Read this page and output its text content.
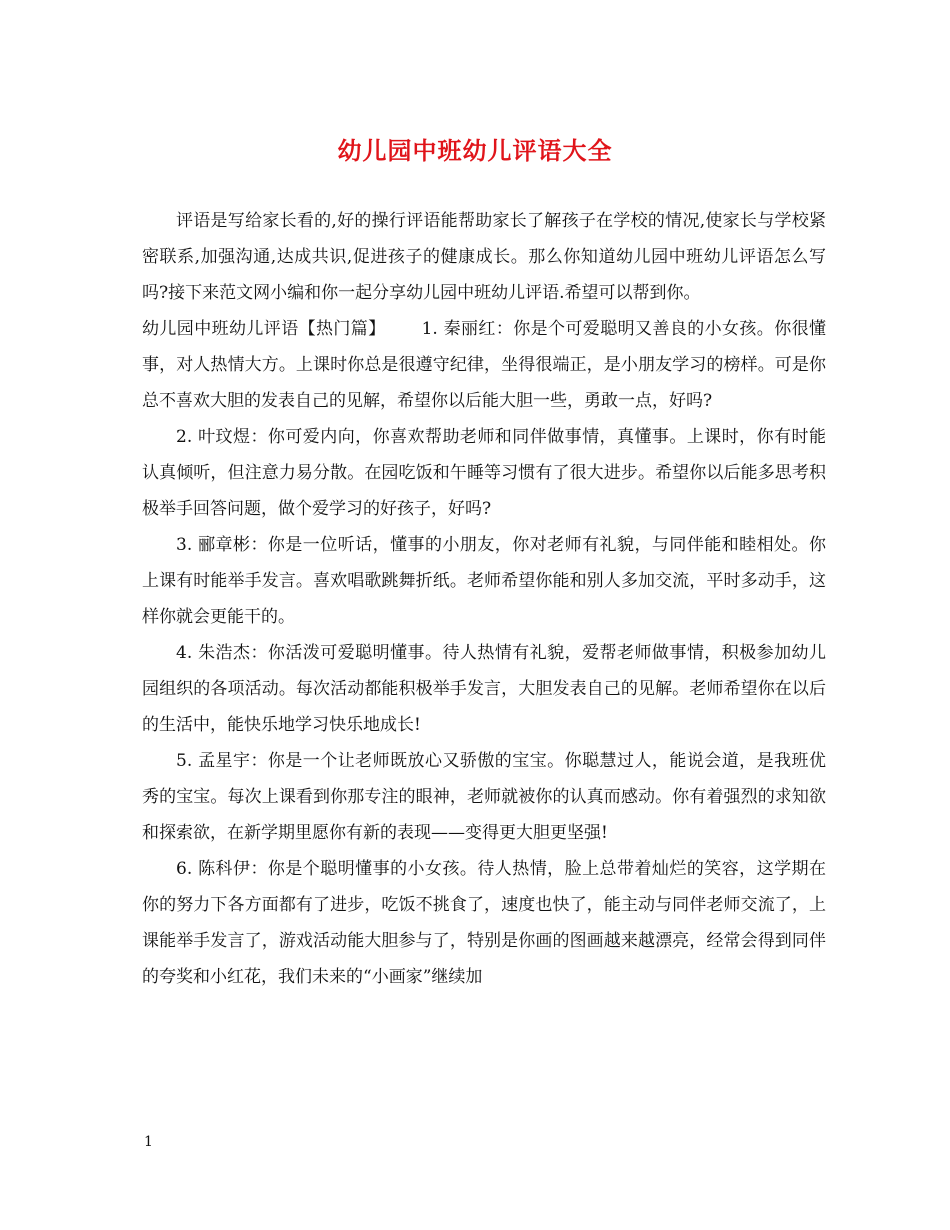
幼儿园中班幼儿评语大全

评语是写给家长看的,好的操行评语能帮助家长了解孩子在学校的情况,使家长与学校紧密联系,加强沟通,达成共识,促进孩子的健康成长。那么你知道幼儿园中班幼儿评语怎么写吗?接下来范文网小编和你一起分享幼儿园中班幼儿评语.希望可以帮到你。

幼儿园中班幼儿评语【热门篇】 1. 秦丽红：你是个可爱聪明又善良的小女孩。你很懂事，对人热情大方。上课时你总是很遵守纪律，坐得很端正，是小朋友学习的榜样。可是你总不喜欢大胆的发表自己的见解，希望你以后能大胆一些，勇敢一点，好吗?

2. 叶玟煜：你可爱内向，你喜欢帮助老师和同伴做事情，真懂事。上课时，你有时能认真倾听，但注意力易分散。在园吃饭和午睡等习惯有了很大进步。希望你以后能多思考积极举手回答问题，做个爱学习的好孩子，好吗?

3. 郦章彬：你是一位听话，懂事的小朋友，你对老师有礼貌，与同伴能和睦相处。你上课有时能举手发言。喜欢唱歌跳舞折纸。老师希望你能和别人多加交流，平时多动手，这样你就会更能干的。

4. 朱浩杰：你活泼可爱聪明懂事。待人热情有礼貌，爱帮老师做事情，积极参加幼儿园组织的各项活动。每次活动都能积极举手发言，大胆发表自己的见解。老师希望你在以后的生活中，能快乐地学习快乐地成长!

5. 孟星宇：你是一个让老师既放心又骄傲的宝宝。你聪慧过人，能说会道，是我班优秀的宝宝。每次上课看到你那专注的眼神，老师就被你的认真而感动。你有着强烈的求知欲和探索欲，在新学期里愿你有新的表现——变得更大胆更坚强!

6. 陈科伊：你是个聪明懂事的小女孩。待人热情，脸上总带着灿烂的笑容，这学期在你的努力下各方面都有了进步，吃饭不挑食了，速度也快了，能主动与同伴老师交流了，上课能举手发言了，游戏活动能大胆参与了，特别是你画的图画越来越漂亮，经常会得到同伴的夸奖和小红花，我们未来的“小画家”继续加

1
